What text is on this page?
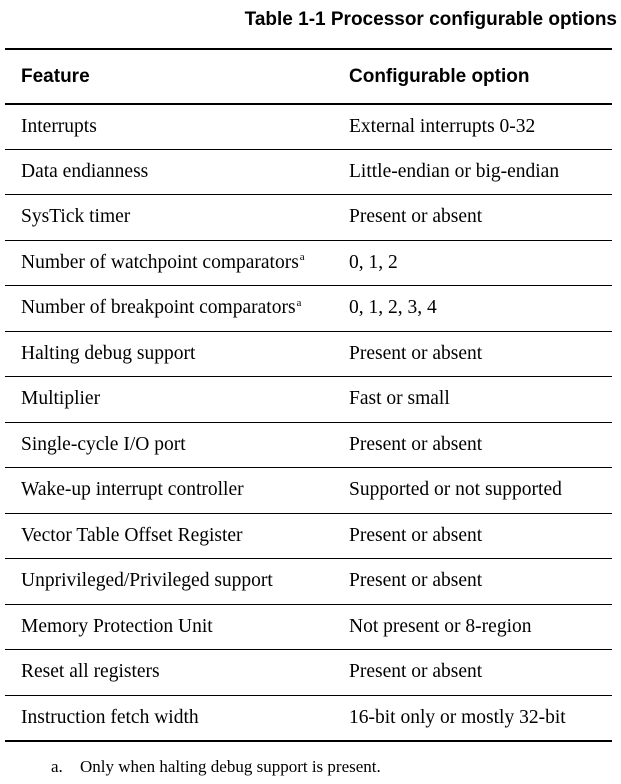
Table 1-1 Processor configurable options
Feature	Configurable option
Interrupts	External interrupts 0-32
Data endianness	Little-endian or big-endian
SysTick timer	Present or absent
Number of watchpoint comparators$^a$	0, 1, 2
Number of breakpoint comparators$^a$	0, 1, 2, 3, 4
Halting debug support	Present or absent
Multiplier	Fast or small
Single-cycle I/O port	Present or absent
Wake-up interrupt controller	Supported or not supported
Vector Table Offset Register	Present or absent
Unprivileged/Privileged support	Present or absent
Memory Protection Unit	Not present or 8-region
Reset all registers	Present or absent
Instruction fetch width	16-bit only or mostly 32-bit
a. Only when halting debug support is present.
